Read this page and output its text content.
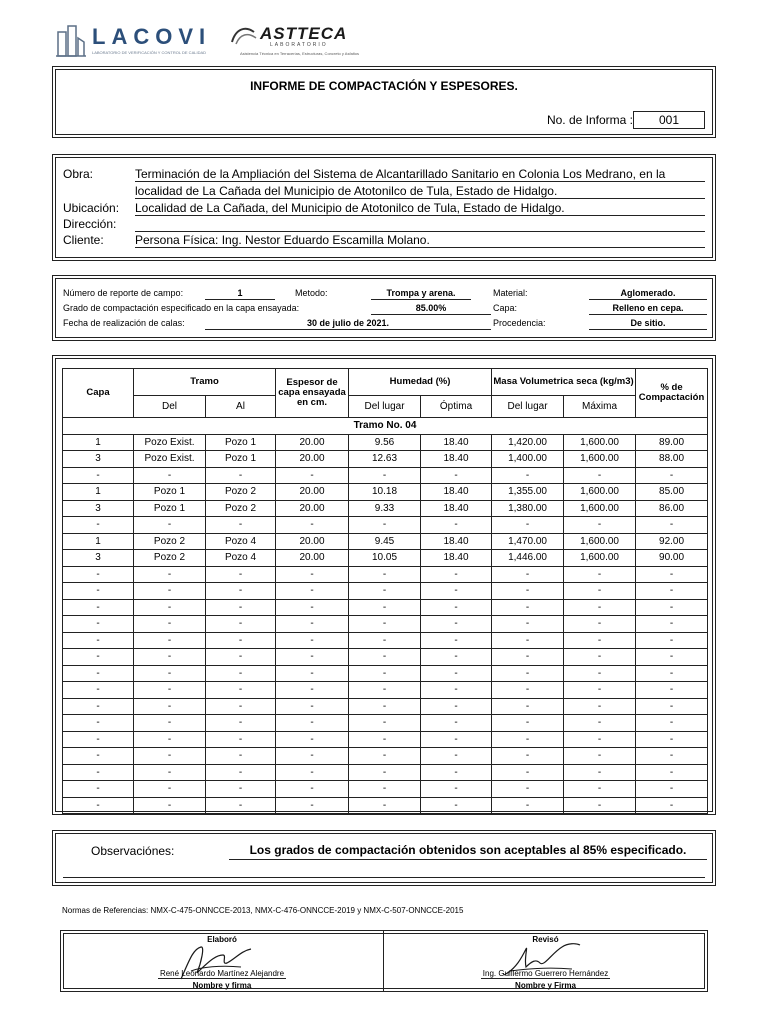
LACOVI
LABORATORIO DE VERIFICACIÓN Y CONTROL DE CALIDAD
ASTTECA
LABORATORIO
Asistencia Técnica en Terracerías, Estructuras, Concreto y Asfaltos
INFORME DE COMPACTACIÓN Y ESPESORES.
No. de Informa :	001
Obra:	Terminación de la Ampliación del Sistema de Alcantarillado Sanitario en Colonia Los Medrano, en la
localidad de La Cañada del Municipio de Atotonilco de Tula, Estado de Hidalgo.
Ubicación: Localidad de La Cañada, del Municipio de Atotonilco de Tula, Estado de Hidalgo.
Dirección:
Cliente:	Persona Física: Ing. Nestor Eduardo Escamilla Molano.
Número de reporte de campo:	1	Metodo:	Trompa y arena.	Material:	Aglomerado.
Grado de compactación especificado en la capa ensayada:	85.00%	Capa:	Relleno en cepa.
Fecha de realización de calas:	30 de julio de 2021.	Procedencia:	De sitio.
Capa	Tramo		Espesor de capa ensayada en cm.	Humedad (%)		Masa Volumetrica seca (kg/m3)		% de Compactación
	Del	Al		Del lugar	Óptima	Del lugar	Máxima	
Tramo No. 04								
1	Pozo Exist.	Pozo 1	20.00	9.56	18.40	1,420.00	1,600.00	89.00
3	Pozo Exist.	Pozo 1	20.00	12.63	18.40	1,400.00	1,600.00	88.00
-	-	-	-	-	-	-	-	-
1	Pozo 1	Pozo 2	20.00	10.18	18.40	1,355.00	1,600.00	85.00
3	Pozo 1	Pozo 2	20.00	9.33	18.40	1,380.00	1,600.00	86.00
-	-	-	-	-	-	-	-	-
1	Pozo 2	Pozo 4	20.00	9.45	18.40	1,470.00	1,600.00	92.00
3	Pozo 2	Pozo 4	20.00	10.05	18.40	1,446.00	1,600.00	90.00
-	-	-	-	-	-	-	-	-
-	-	-	-	-	-	-	-	-
-	-	-	-	-	-	-	-	-
-	-	-	-	-	-	-	-	-
-	-	-	-	-	-	-	-	-
-	-	-	-	-	-	-	-	-
-	-	-	-	-	-	-	-	-
-	-	-	-	-	-	-	-	-
-	-	-	-	-	-	-	-	-
-	-	-	-	-	-	-	-	-
-	-	-	-	-	-	-	-	-
-	-	-	-	-	-	-	-	-
-	-	-	-	-	-	-	-	-
-	-	-	-	-	-	-	-	-
-	-	-	-	-	-	-	-	-
Observaciónes:	Los grados de compactación obtenidos son aceptables al 85% especificado.
Normas de Referencias: NMX-C-475-ONNCCE-2013, NMX-C-476-ONNCCE-2019 y NMX-C-507-ONNCCE-2015
Elaboró
René Leonardo Martínez Alejandre
Nombre y firma
Revisó
Ing. Guillermo Guerrero Hernández
Nombre y Firma
